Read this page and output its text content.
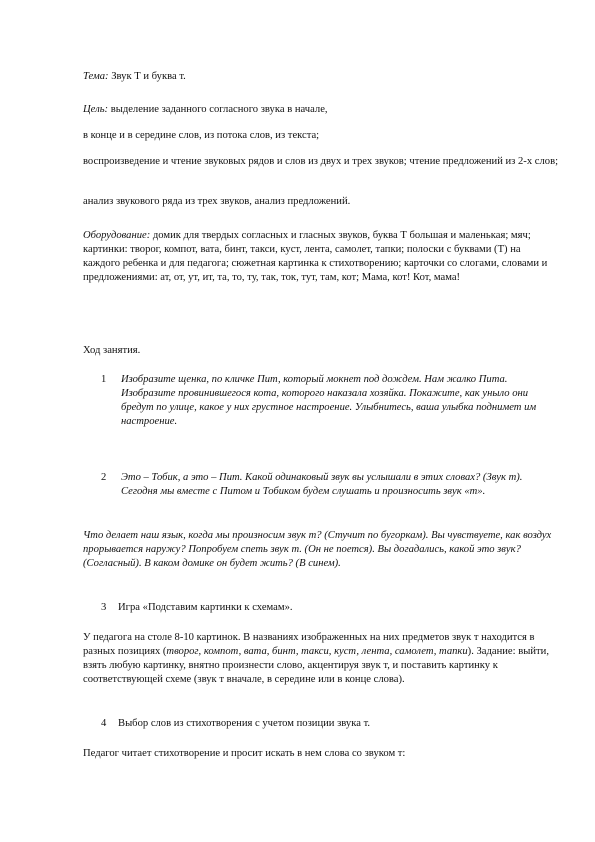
Тема: Звук Т и буква т.

Цель: выделение заданного согласного звука в начале,

в конце и в середине слов, из потока слов, из текста;

воспроизведение и чтение звуковых рядов и слов из двух и трех звуков; чтение предложений из 2-х слов;

анализ звукового ряда из трех звуков, анализ предложений.

Оборудование: домик для твердых согласных и гласных звуков, буква Т большая и маленькая; мяч; картинки: творог, компот, вата, бинт, такси, куст, лента, самолет, тапки; полоски с буквами (Т) на каждого ребенка и для педагога; сюжетная картинка к стихотворению; карточки со слогами, словами и предложениями: ат, от, ут, ит, та, то, ту, так, ток, тут, там, кот; Мама, кот! Кот, мама!

Ход занятия.

1	Изобразите щенка, по кличке Пит, который мокнет под дождем. Нам жалко Пита. Изобразите провинившегося кота, которого наказала хозяйка. Покажите, как уныло они бредут по улице, какое у них грустное настроение. Улыбнитесь, ваша улыбка поднимет им настроение.

2	Это – Тобик, а это – Пит. Какой одинаковый звук вы услышали в этих словах? (Звук т). Сегодня мы вместе с Питом и Тобиком будем слушать и произносить звук «т».

Что делает наш язык, когда мы произносим звук т? (Стучит по бугоркам). Вы чувствуете, как воздух прорывается наружу? Попробуем спеть звук т. (Он не поется). Вы догадались, какой это звук? (Согласный). В каком домике он будет жить? (В синем).

3	Игра «Подставим картинки к схемам».

У педагога на столе 8-10 картинок. В названиях изображенных на них предметов звук т находится в разных позициях (творог, компот, вата, бинт, такси, куст, лента, самолет, тапки). Задание: выйти, взять любую картинку, внятно произнести слово, акцентируя звук т, и поставить картинку к соответствующей схеме (звук т вначале, в середине или в конце слова).

4	Выбор слов из стихотворения с учетом позиции звука т.

Педагог читает стихотворение и просит искать в нем слова со звуком т:
